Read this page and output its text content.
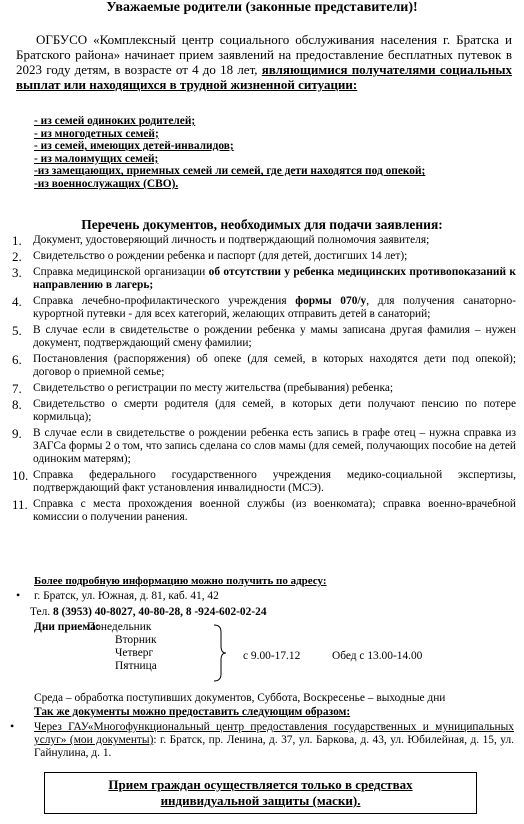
Уважаемые родители (законные представители)!
ОГБУСО «Комплексный центр социального обслуживания населения г. Братска и Братского района» начинает прием заявлений на предоставление бесплатных путевок в 2023 году детям, в возрасте от 4 до 18 лет, являющимися получателями социальных выплат или находящихся в трудной жизненной ситуации:
- из семей одиноких родителей;
- из многодетных семей;
- из семей, имеющих детей-инвалидов;
- из малоимущих семей;
-из замещающих, приемных семей ли семей, где дети находятся под опекой;
-из военнослужащих (СВО).
Перечень документов, необходимых для подачи заявления:
1. Документ, удостоверяющий личность и подтверждающий полномочия заявителя;
2. Свидетельство о рождении ребенка и паспорт (для детей, достигших 14 лет);
3. Справка медицинской организации об отсутствии у ребенка медицинских противопоказаний к направлению в лагерь;
4. Справка лечебно-профилактического учреждения формы 070/у, для получения санаторно-курортной путевки - для всех категорий, желающих отправить детей в санаторий;
5. В случае если в свидетельстве о рождении ребенка у мамы записана другая фамилия – нужен документ, подтверждающий смену фамилии;
6. Постановления (распоряжения) об опеке (для семей, в которых находятся дети под опекой); договор о приемной семье;
7. Свидетельство о регистрации по месту жительства (пребывания) ребенка;
8. Свидетельство о смерти родителя (для семей, в которых дети получают пенсию по потере кормильца);
9. В случае если в свидетельстве о рождении ребенка есть запись в графе отец – нужна справка из ЗАГСа формы 2 о том, что запись сделана со слов мамы (для семей, получающих пособие на детей одиноким матерям);
10. Справка федерального государственного учреждения медико-социальной экспертизы, подтверждающий факт установления инвалидности (МСЭ).
11. Справка с места прохождения военной службы (из военкомата); справка военно-врачебной комиссии о получении ранения.
Более подробную информацию можно получить по адресу:
• г. Братск, ул. Южная, д. 81, каб. 41, 42
Тел. 8 (3953) 40-8027, 40-80-28, 8 -924-602-02-24
Дни приема:
Понедельник
Вторник
Четверг
Пятница
с 9.00-17.12	Обед с 13.00-14.00
Среда – обработка поступивших документов, Суббота, Воскресенье – выходные дни
Так же документы можно предоставить следующим образом:
• Через ГАУ«Многофункциональный центр предоставления государственных и муниципальных услуг» (мои документы): г. Братск, пр. Ленина, д. 37, ул. Баркова, д. 43, ул. Юбилейная, д. 15, ул. Гайнулина, д. 1.
Прием граждан осуществляется только в средствах
индивидуальной защиты (маски).
